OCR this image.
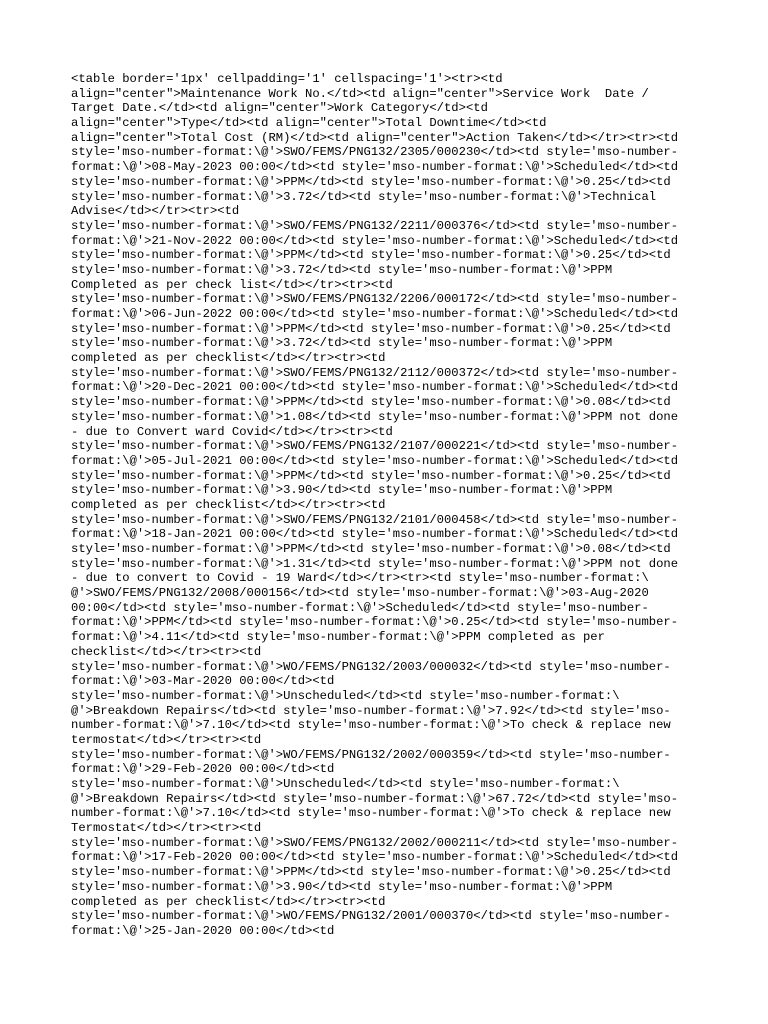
<table border='1px' cellpadding='1' cellspacing='1'><tr><td
align="center">Maintenance Work No.</td><td align="center">Service Work  Date /
Target Date.</td><td align="center">Work Category</td><td
align="center">Type</td><td align="center">Total Downtime</td><td
align="center">Total Cost (RM)</td><td align="center">Action Taken</td></tr><tr><td
style='mso-number-format:\@'>SWO/FEMS/PNG132/2305/000230</td><td style='mso-number-
format:\@'>08-May-2023 00:00</td><td style='mso-number-format:\@'>Scheduled</td><td
style='mso-number-format:\@'>PPM</td><td style='mso-number-format:\@'>0.25</td><td
style='mso-number-format:\@'>3.72</td><td style='mso-number-format:\@'>Technical
Advise</td></tr><tr><td
style='mso-number-format:\@'>SWO/FEMS/PNG132/2211/000376</td><td style='mso-number-
format:\@'>21-Nov-2022 00:00</td><td style='mso-number-format:\@'>Scheduled</td><td
style='mso-number-format:\@'>PPM</td><td style='mso-number-format:\@'>0.25</td><td
style='mso-number-format:\@'>3.72</td><td style='mso-number-format:\@'>PPM
Completed as per check list</td></tr><tr><td
style='mso-number-format:\@'>SWO/FEMS/PNG132/2206/000172</td><td style='mso-number-
format:\@'>06-Jun-2022 00:00</td><td style='mso-number-format:\@'>Scheduled</td><td
style='mso-number-format:\@'>PPM</td><td style='mso-number-format:\@'>0.25</td><td
style='mso-number-format:\@'>3.72</td><td style='mso-number-format:\@'>PPM
completed as per checklist</td></tr><tr><td
style='mso-number-format:\@'>SWO/FEMS/PNG132/2112/000372</td><td style='mso-number-
format:\@'>20-Dec-2021 00:00</td><td style='mso-number-format:\@'>Scheduled</td><td
style='mso-number-format:\@'>PPM</td><td style='mso-number-format:\@'>0.08</td><td
style='mso-number-format:\@'>1.08</td><td style='mso-number-format:\@'>PPM not done
- due to Convert ward Covid</td></tr><tr><td
style='mso-number-format:\@'>SWO/FEMS/PNG132/2107/000221</td><td style='mso-number-
format:\@'>05-Jul-2021 00:00</td><td style='mso-number-format:\@'>Scheduled</td><td
style='mso-number-format:\@'>PPM</td><td style='mso-number-format:\@'>0.25</td><td
style='mso-number-format:\@'>3.90</td><td style='mso-number-format:\@'>PPM
completed as per checklist</td></tr><tr><td
style='mso-number-format:\@'>SWO/FEMS/PNG132/2101/000458</td><td style='mso-number-
format:\@'>18-Jan-2021 00:00</td><td style='mso-number-format:\@'>Scheduled</td><td
style='mso-number-format:\@'>PPM</td><td style='mso-number-format:\@'>0.08</td><td
style='mso-number-format:\@'>1.31</td><td style='mso-number-format:\@'>PPM not done
- due to convert to Covid - 19 Ward</td></tr><tr><td style='mso-number-format:\
@'>SWO/FEMS/PNG132/2008/000156</td><td style='mso-number-format:\@'>03-Aug-2020
00:00</td><td style='mso-number-format:\@'>Scheduled</td><td style='mso-number-
format:\@'>PPM</td><td style='mso-number-format:\@'>0.25</td><td style='mso-number-
format:\@'>4.11</td><td style='mso-number-format:\@'>PPM completed as per
checklist</td></tr><tr><td
style='mso-number-format:\@'>WO/FEMS/PNG132/2003/000032</td><td style='mso-number-
format:\@'>03-Mar-2020 00:00</td><td
style='mso-number-format:\@'>Unscheduled</td><td style='mso-number-format:\
@'>Breakdown Repairs</td><td style='mso-number-format:\@'>7.92</td><td style='mso-
number-format:\@'>7.10</td><td style='mso-number-format:\@'>To check & replace new
termostat</td></tr><tr><td
style='mso-number-format:\@'>WO/FEMS/PNG132/2002/000359</td><td style='mso-number-
format:\@'>29-Feb-2020 00:00</td><td
style='mso-number-format:\@'>Unscheduled</td><td style='mso-number-format:\
@'>Breakdown Repairs</td><td style='mso-number-format:\@'>67.72</td><td style='mso-
number-format:\@'>7.10</td><td style='mso-number-format:\@'>To check & replace new
Termostat</td></tr><tr><td
style='mso-number-format:\@'>SWO/FEMS/PNG132/2002/000211</td><td style='mso-number-
format:\@'>17-Feb-2020 00:00</td><td style='mso-number-format:\@'>Scheduled</td><td
style='mso-number-format:\@'>PPM</td><td style='mso-number-format:\@'>0.25</td><td
style='mso-number-format:\@'>3.90</td><td style='mso-number-format:\@'>PPM
completed as per checklist</td></tr><tr><td
style='mso-number-format:\@'>WO/FEMS/PNG132/2001/000370</td><td style='mso-number-
format:\@'>25-Jan-2020 00:00</td><td
